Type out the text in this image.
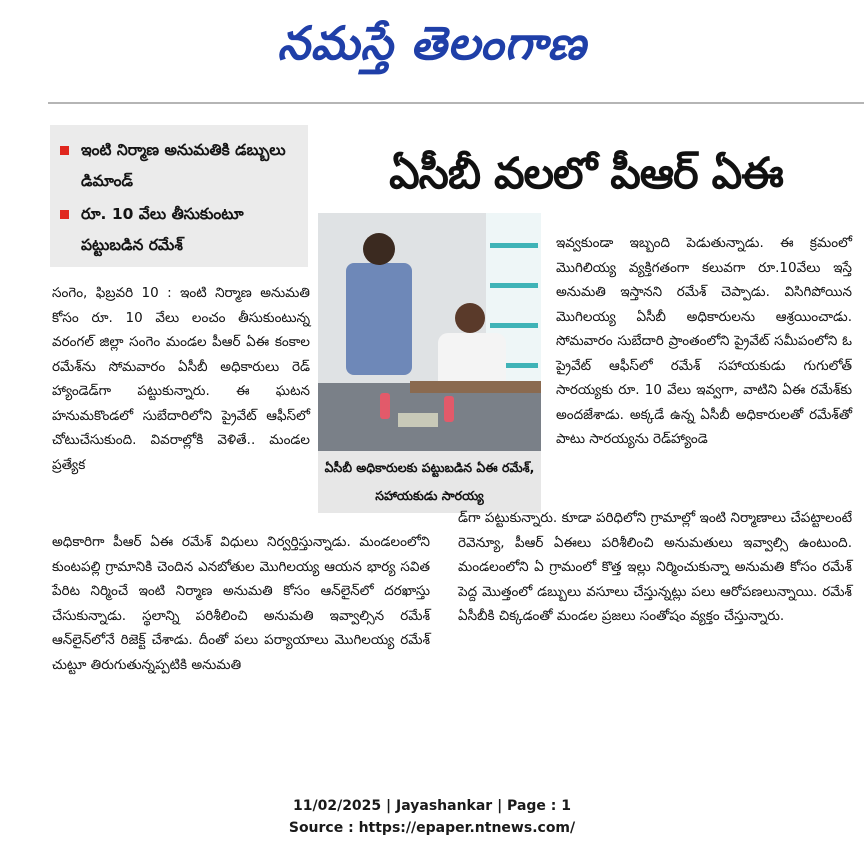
నమస్తే తెలంగాణ
ఇంటి నిర్మాణ అనుమతికి డబ్బులు డిమాండ్
రూ. 10 వేలు తీసుకుంటూ పట్టుబడిన రమేశ్
ఏసీబీ వలలో పీఆర్ ఏఈ
ఏసీబీ అధికారులకు పట్టుబడిన ఏఈ రమేశ్, సహాయకుడు సారయ్య

సంగెం, ఫిబ్రవరి 10 : ఇంటి నిర్మాణ అనుమతి కోసం రూ. 10 వేలు లంచం తీసుకుంటున్న వరంగల్ జిల్లా సంగెం మండల పీఆర్ ఏఈ కంకాల రమేశ్‌ను సోమవారం ఏసీబీ అధికారులు రెడ్ హ్యాండెడ్‌గా పట్టుకున్నారు. ఈ ఘటన హనుమకొండలో సుబేదారిలోని ప్రైవేట్ ఆఫీస్‌లో చోటుచేసుకుంది. వివరాల్లోకి వెళితే.. మండల ప్రత్యేక

ఇవ్వకుండా ఇబ్బంది పెడుతున్నాడు. ఈ క్రమంలో మొగిలియ్య వ్యక్తిగతంగా కలువగా రూ.10వేలు ఇస్తే అనుమతి ఇస్తానని రమేశ్ చెప్పాడు. విసిగిపోయిన మొగిలయ్య ఏసీబీ అధికారులను ఆశ్రయించాడు. సోమవారం సుబేదారి ప్రాంతంలోని ప్రైవేట్ సమీపంలోని ఓ ప్రైవేట్ ఆఫీస్‌లో రమేశ్ సహాయకుడు గుగులోత్ సారయ్యకు రూ. 10 వేలు ఇవ్వగా, వాటిని ఏఈ రమేశ్‌కు అందజేశాడు. అక్కడే ఉన్న ఏసీబీ అధికారులతో రమేశ్‌తో పాటు సారయ్యను రెడ్‌హ్యాండె

అధికారిగా పీఆర్ ఏఈ రమేశ్ విధులు నిర్వర్తిస్తున్నాడు. మండలంలోని కుంటపల్లి గ్రామానికి చెందిన ఎనబోతుల మొగిలయ్య ఆయన భార్య సవిత పేరిట నిర్మించే ఇంటి నిర్మాణ అనుమతి కోసం ఆన్‌లైన్‌లో దరఖాస్తు చేసుకున్నాడు. స్థలాన్ని పరిశీలించి అనుమతి ఇవ్వాల్సిన రమేశ్ ఆన్‌లైన్‌లోనే రిజెక్ట్ చేశాడు. దీంతో పలు పర్యాయాలు మొగిలయ్య రమేశ్ చుట్టూ తిరుగుతున్నప్పటికి అనుమతి

డ్‌గా పట్టుకున్నారు. కూడా పరిధిలోని గ్రామాల్లో ఇంటి నిర్మాణాలు చేపట్టాలంటే రెవెన్యూ, పీఆర్ ఏఈలు పరిశీలించి అనుమతులు ఇవ్వాల్సి ఉంటుంది. మండలంలోని ఏ గ్రామంలో కొత్త ఇల్లు నిర్మించుకున్నా అనుమతి కోసం రమేశ్ పెద్ద మొత్తంలో డబ్బులు వసూలు చేస్తున్నట్లు పలు ఆరోపణలున్నాయి. రమేశ్ ఏసీబీకి చిక్కడంతో మండల ప్రజలు సంతోషం వ్యక్తం చేస్తున్నారు.

11/02/2025 | Jayashankar | Page : 1
Source : https://epaper.ntnews.com/
